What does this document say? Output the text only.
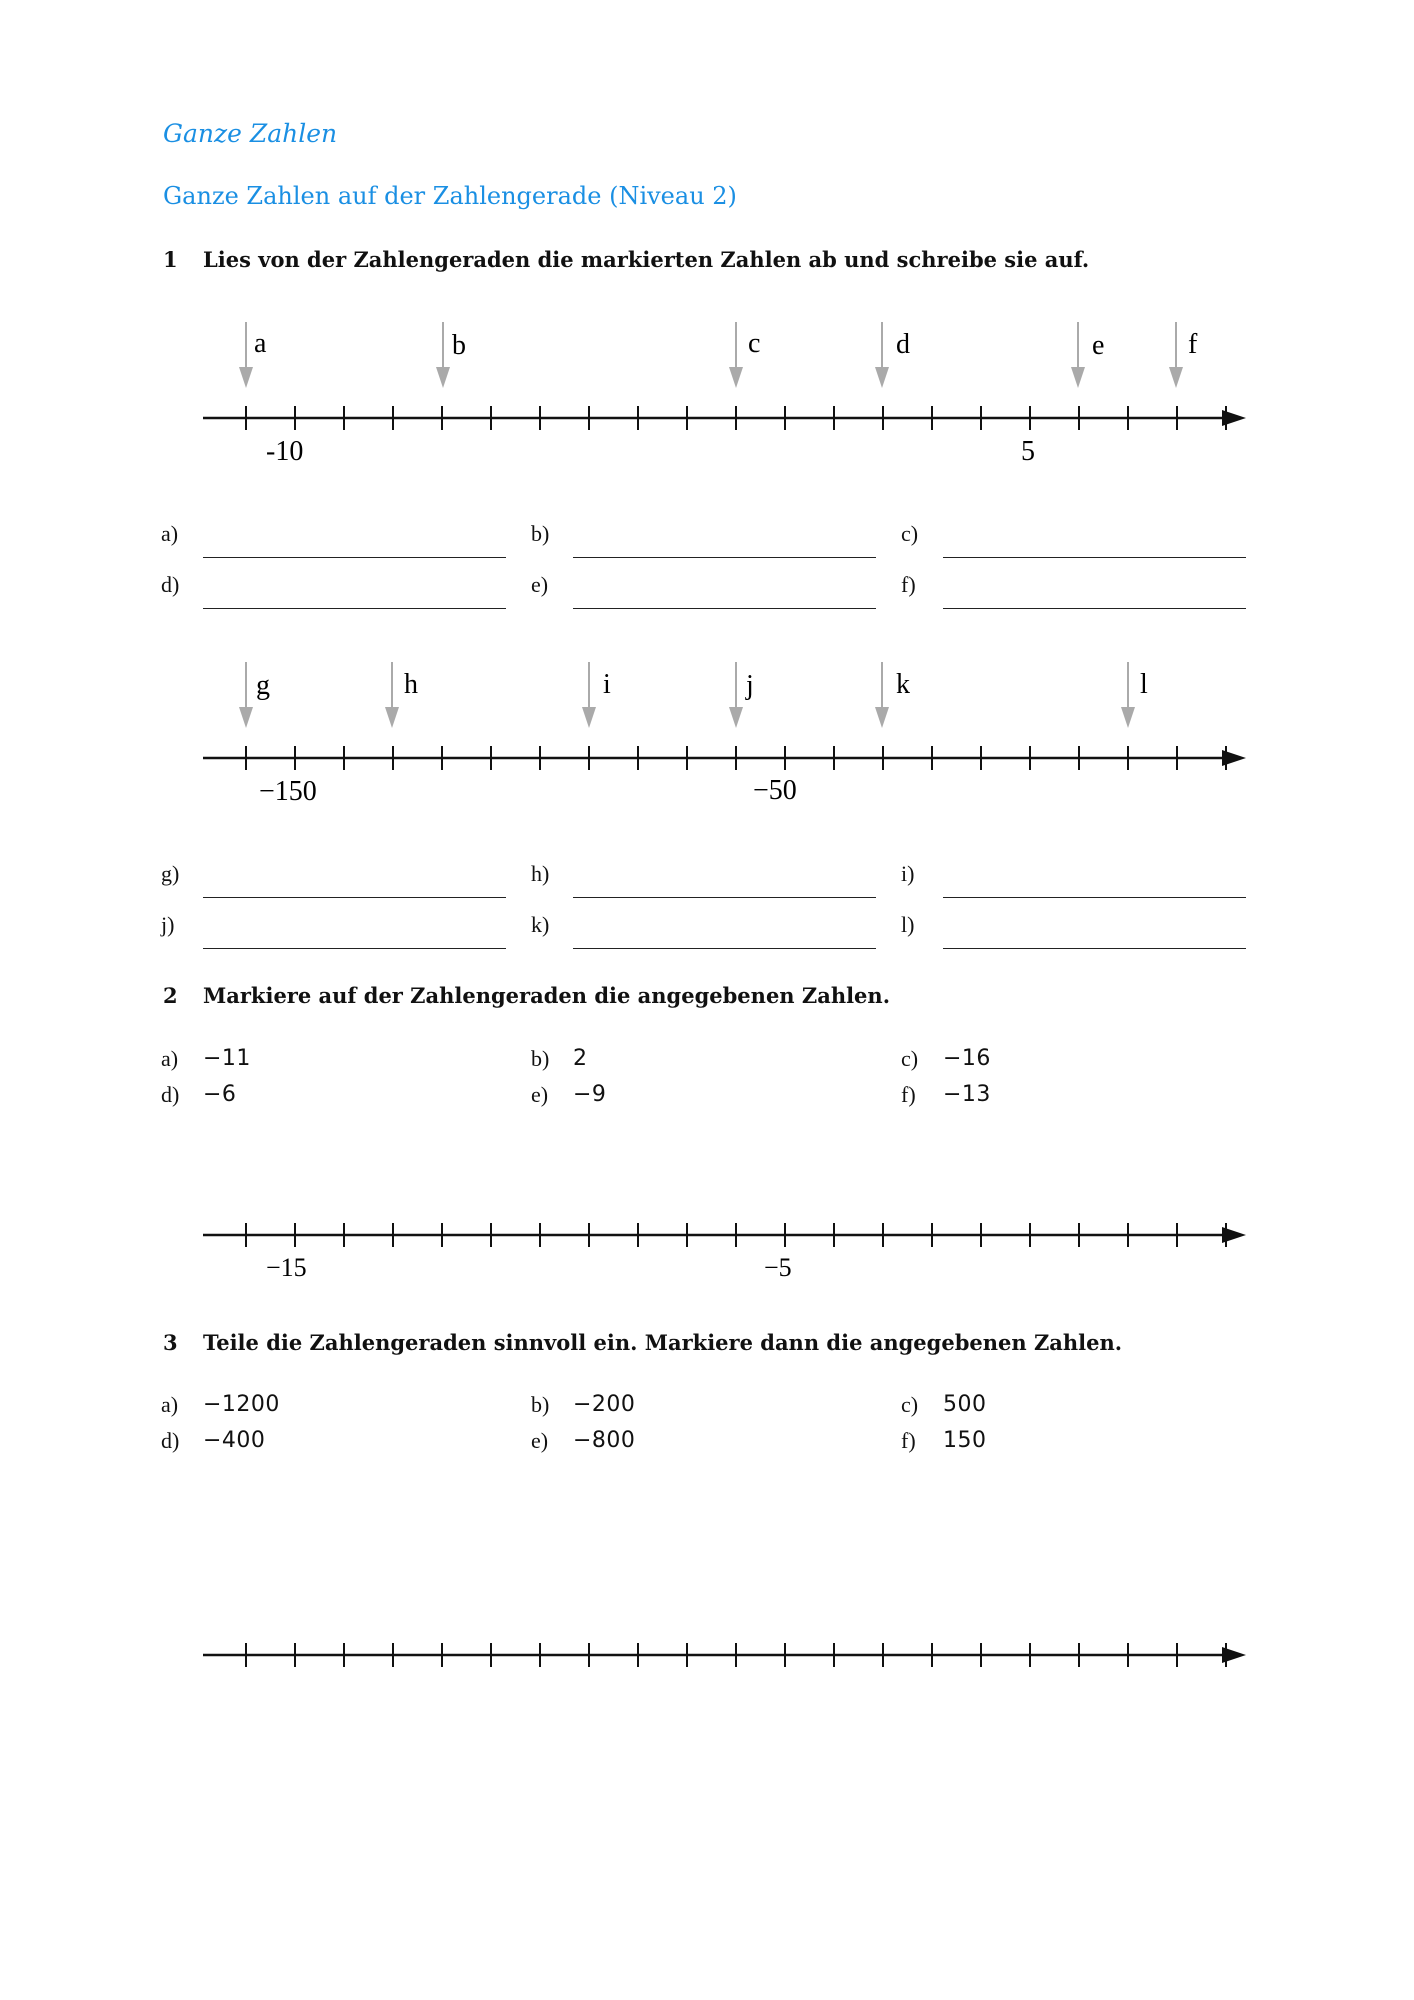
Ganze Zahlen
Ganze Zahlen auf der Zahlengerade (Niveau 2)
1 Lies von der Zahlengeraden die markierten Zahlen ab und schreibe sie auf.
a	b	c	d	e	f
-10	5
a)	b)	c)
d)	e)	f)
g	h	i	j	k	l
−150	−50
g)	h)	i)
j)	k)	l)
2 Markiere auf der Zahlengeraden die angegebenen Zahlen.
a) −11	b) 2	c) −16
d) −6	e) −9	f) −13
−15	−5
3 Teile die Zahlengeraden sinnvoll ein. Markiere dann die angegebenen Zahlen.
a) −1200	b) −200	c) 500
d) −400	e) −800	f) 150
